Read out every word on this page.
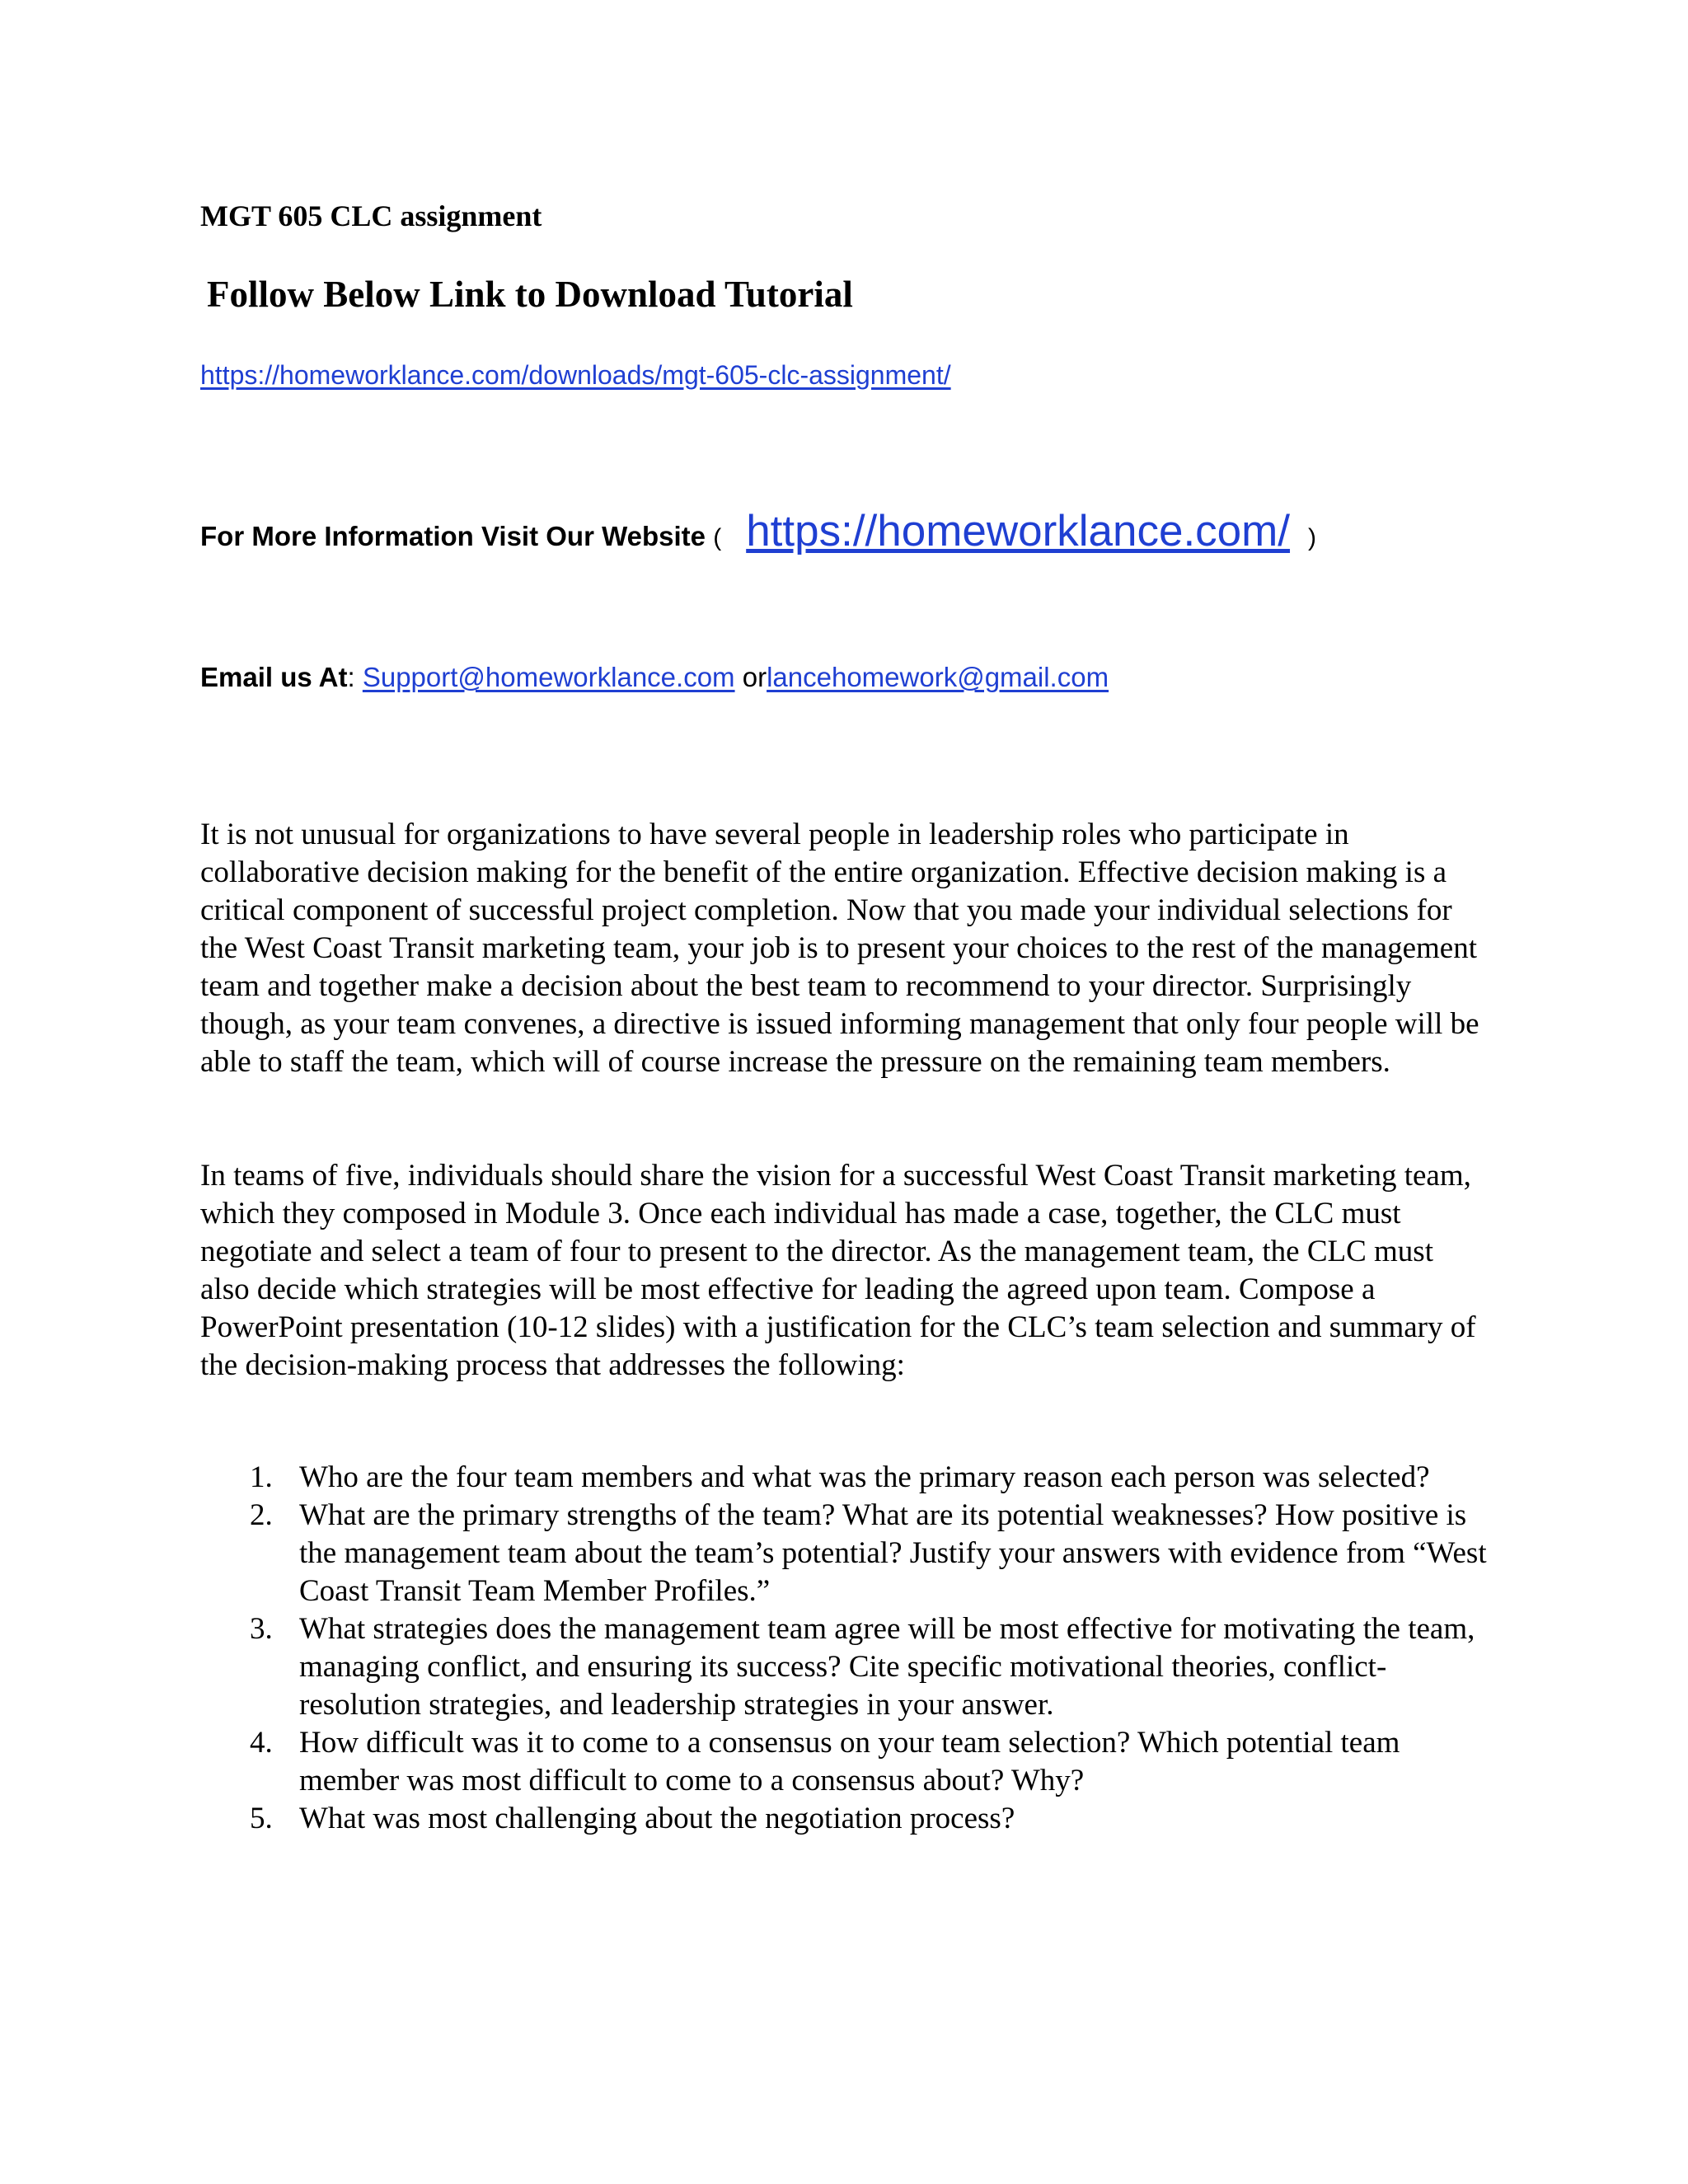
MGT 605 CLC assignment
Follow Below Link to Download Tutorial
https://homeworklance.com/downloads/mgt-605-clc-assignment/
For More Information Visit Our Website ( https://homeworklance.com/ )
Email us At: Support@homeworklance.com orlancehomework@gmail.com

It is not unusual for organizations to have several people in leadership roles who participate in collaborative decision making for the benefit of the entire organization. Effective decision making is a critical component of successful project completion. Now that you made your individual selections for the West Coast Transit marketing team, your job is to present your choices to the rest of the management team and together make a decision about the best team to recommend to your director. Surprisingly though, as your team convenes, a directive is issued informing management that only four people will be able to staff the team, which will of course increase the pressure on the remaining team members.

In teams of five, individuals should share the vision for a successful West Coast Transit marketing team, which they composed in Module 3. Once each individual has made a case, together, the CLC must negotiate and select a team of four to present to the director. As the management team, the CLC must also decide which strategies will be most effective for leading the agreed upon team. Compose a PowerPoint presentation (10-12 slides) with a justification for the CLC’s team selection and summary of the decision-making process that addresses the following:

1. Who are the four team members and what was the primary reason each person was selected?
2. What are the primary strengths of the team? What are its potential weaknesses? How positive is the management team about the team’s potential? Justify your answers with evidence from “West Coast Transit Team Member Profiles.”
3. What strategies does the management team agree will be most effective for motivating the team, managing conflict, and ensuring its success? Cite specific motivational theories, conflict-resolution strategies, and leadership strategies in your answer.
4. How difficult was it to come to a consensus on your team selection? Which potential team member was most difficult to come to a consensus about? Why?
5. What was most challenging about the negotiation process?
